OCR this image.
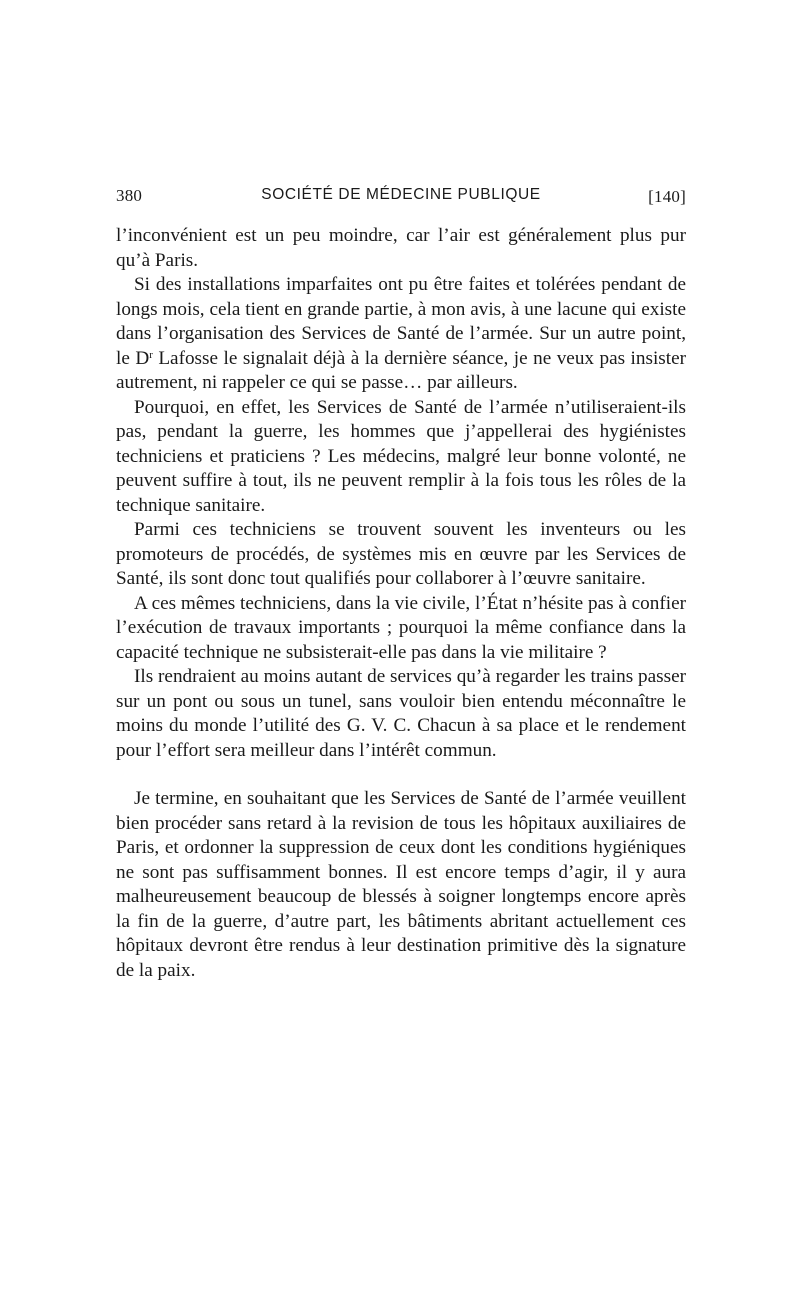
380	SOCIÉTÉ DE MÉDECINE PUBLIQUE	[140]

l’inconvénient est un peu moindre, car l’air est généralement plus pur qu’à Paris.

Si des installations imparfaites ont pu être faites et tolérées pendant de longs mois, cela tient en grande partie, à mon avis, à une lacune qui existe dans l’organisation des Services de Santé de l’armée. Sur un autre point, le $D^r$ Lafosse le signalait déjà à la dernière séance, je ne veux pas insister autrement, ni rappeler ce qui se passe… par ailleurs.

Pourquoi, en effet, les Services de Santé de l’armée n’utiliseraient-ils pas, pendant la guerre, les hommes que j’appellerai des hygiénistes techniciens et praticiens ? Les médecins, malgré leur bonne volonté, ne peuvent suffire à tout, ils ne peuvent remplir à la fois tous les rôles de la technique sanitaire.

Parmi ces techniciens se trouvent souvent les inventeurs ou les promoteurs de procédés, de systèmes mis en œuvre par les Services de Santé, ils sont donc tout qualifiés pour collaborer à l’œuvre sanitaire.

A ces mêmes techniciens, dans la vie civile, l’État n’hésite pas à confier l’exécution de travaux importants ; pourquoi la même confiance dans la capacité technique ne subsisterait-elle pas dans la vie militaire ?

Ils rendraient au moins autant de services qu’à regarder les trains passer sur un pont ou sous un tunel, sans vouloir bien entendu méconnaître le moins du monde l’utilité des G. V. C. Chacun à sa place et le rendement pour l’effort sera meilleur dans l’intérêt commun.

Je termine, en souhaitant que les Services de Santé de l’armée veuillent bien procéder sans retard à la revision de tous les hôpitaux auxiliaires de Paris, et ordonner la suppression de ceux dont les conditions hygiéniques ne sont pas suffisamment bonnes. Il est encore temps d’agir, il y aura malheureusement beaucoup de blessés à soigner longtemps encore après la fin de la guerre, d’autre part, les bâtiments abritant actuellement ces hôpitaux devront être rendus à leur destination primitive dès la signature de la paix.
